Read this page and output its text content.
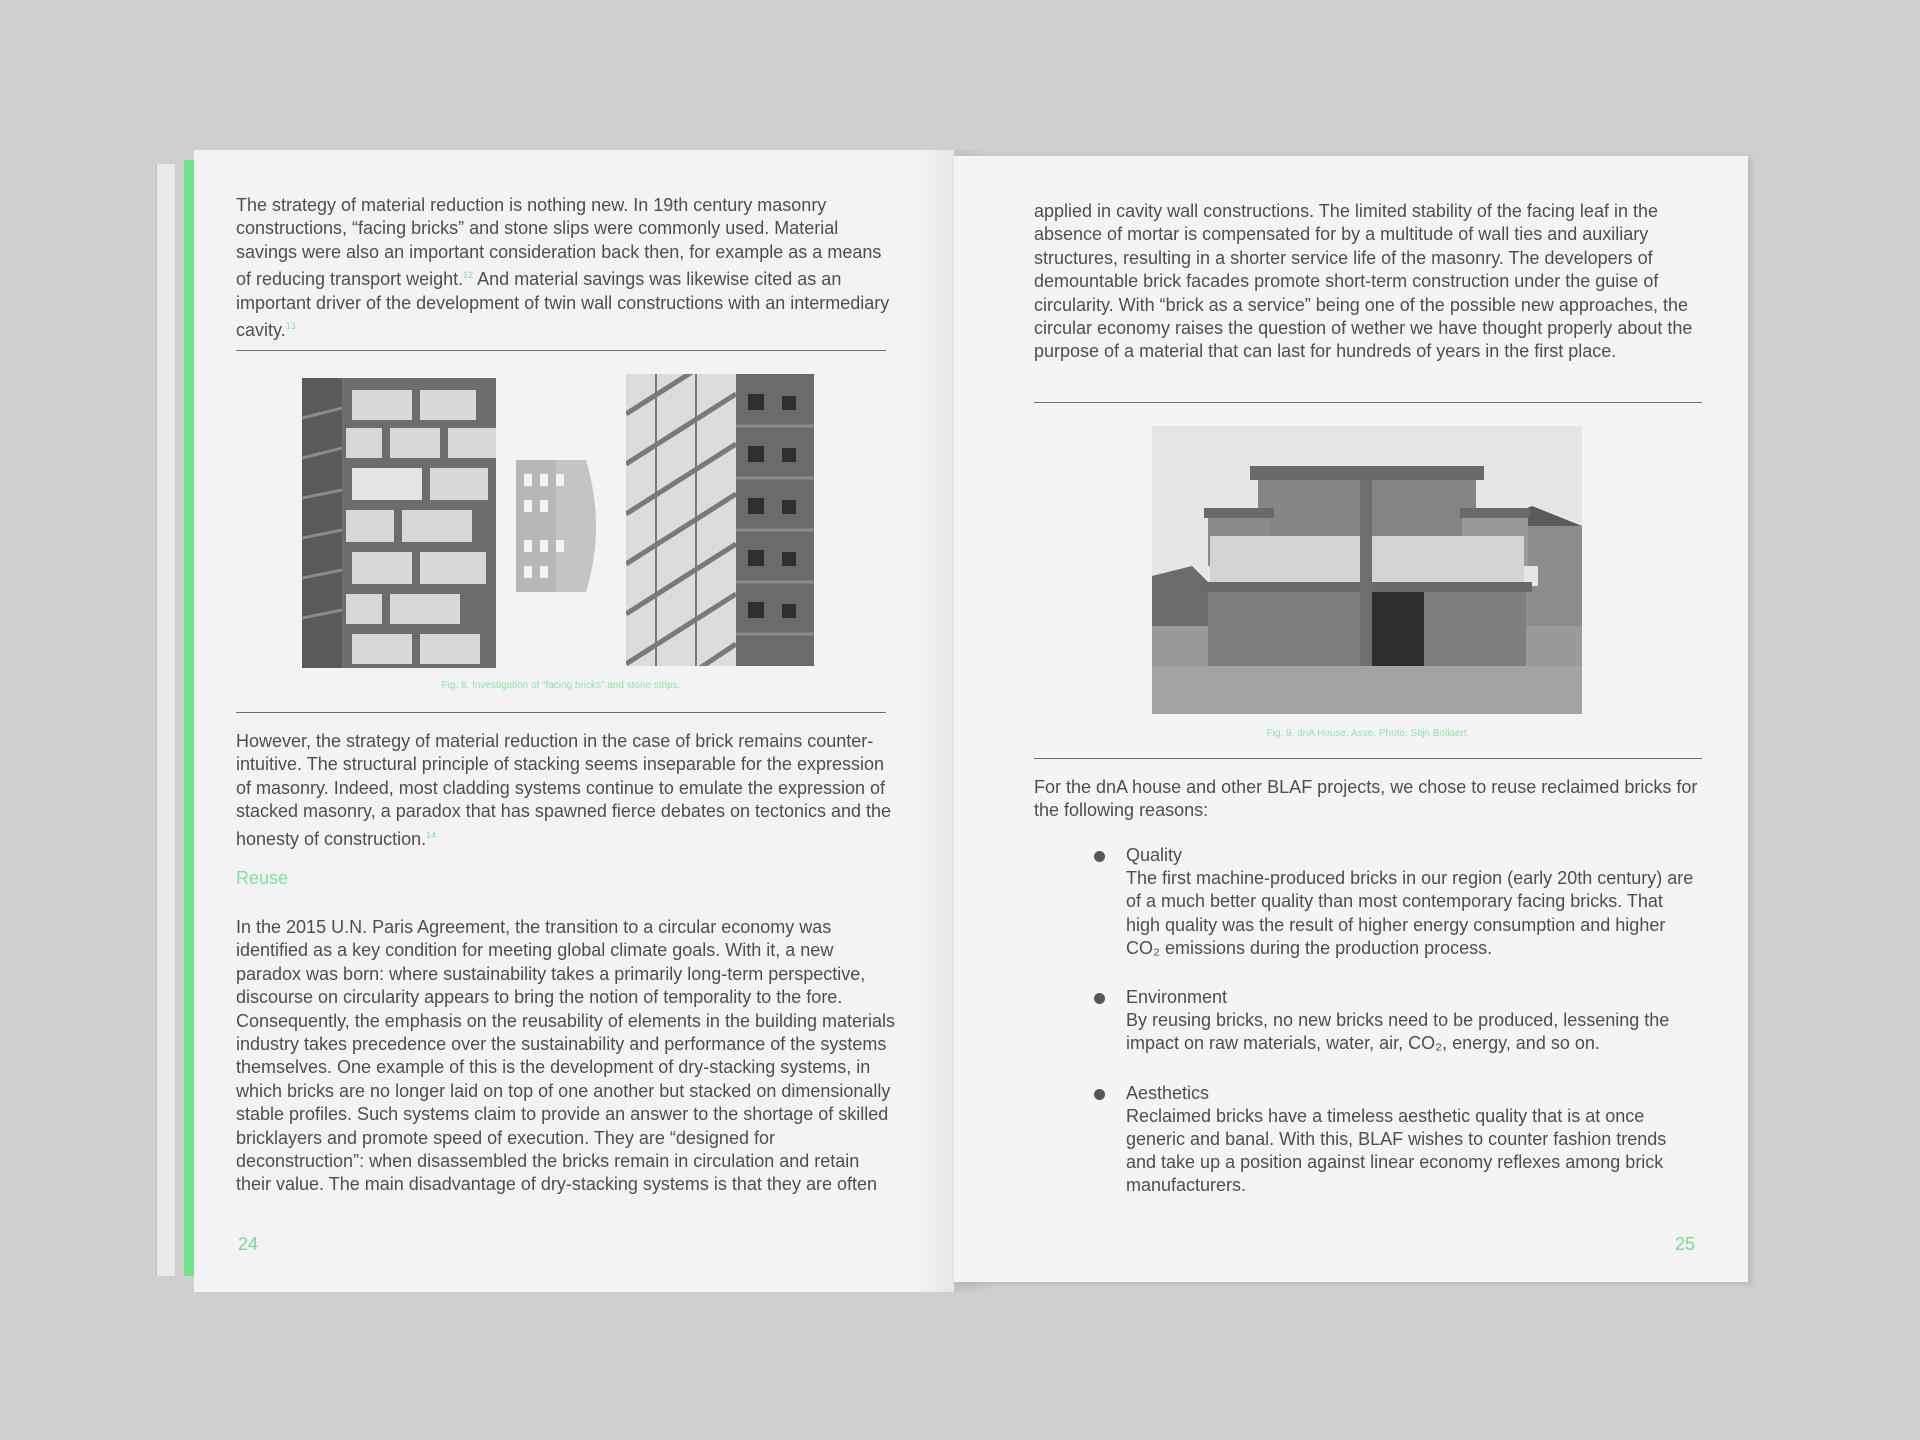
The strategy of material reduction is nothing new. In 19th century masonry constructions, “facing bricks” and stone slips were commonly used. Material savings were also an important consideration back then, for example as a means of reducing transport weight.$^{12}$ And material savings was likewise cited as an important driver of the development of twin wall constructions with an intermediary cavity.$^{13}$

Fig. 8. Investigation of “facing bricks” and stone strips.

However, the strategy of material reduction in the case of brick remains counter-intuitive. The structural principle of stacking seems inseparable for the expression of masonry. Indeed, most cladding systems continue to emulate the expression of stacked masonry, a paradox that has spawned fierce debates on tectonics and the honesty of construction.$^{14}$

Reuse

In the 2015 U.N. Paris Agreement, the transition to a circular economy was identified as a key condition for meeting global climate goals. With it, a new paradox was born: where sustainability takes a primarily long-term perspective, discourse on circularity appears to bring the notion of temporality to the fore. Consequently, the emphasis on the reusability of elements in the building materials industry takes precedence over the sustainability and performance of the systems themselves. One example of this is the development of dry-stacking systems, in which bricks are no longer laid on top of one another but stacked on dimensionally stable profiles. Such systems claim to provide an answer to the shortage of skilled bricklayers and promote speed of execution. They are “designed for deconstruction”: when disassembled the bricks remain in circulation and retain their value. The main disadvantage of dry-stacking systems is that they are often

24

applied in cavity wall constructions. The limited stability of the facing leaf in the absence of mortar is compensated for by a multitude of wall ties and auxiliary structures, resulting in a shorter service life of the masonry. The developers of demountable brick facades promote short-term construction under the guise of circularity. With “brick as a service” being one of the possible new approaches, the circular economy raises the question of wether we have thought properly about the purpose of a material that can last for hundreds of years in the first place.

Fig. 9. dnA House, Asse. Photo: Stijn Bollaert.

For the dnA house and other BLAF projects, we chose to reuse reclaimed bricks for the following reasons:

Quality
The first machine-produced bricks in our region (early 20th century) are of a much better quality than most contemporary facing bricks. That high quality was the result of higher energy consumption and higher CO₂ emissions during the production process.
Environment
By reusing bricks, no new bricks need to be produced, lessening the impact on raw materials, water, air, CO₂, energy, and so on.
Aesthetics
Reclaimed bricks have a timeless aesthetic quality that is at once generic and banal. With this, BLAF wishes to counter fashion trends and take up a position against linear economy reflexes among brick manufacturers.
25
